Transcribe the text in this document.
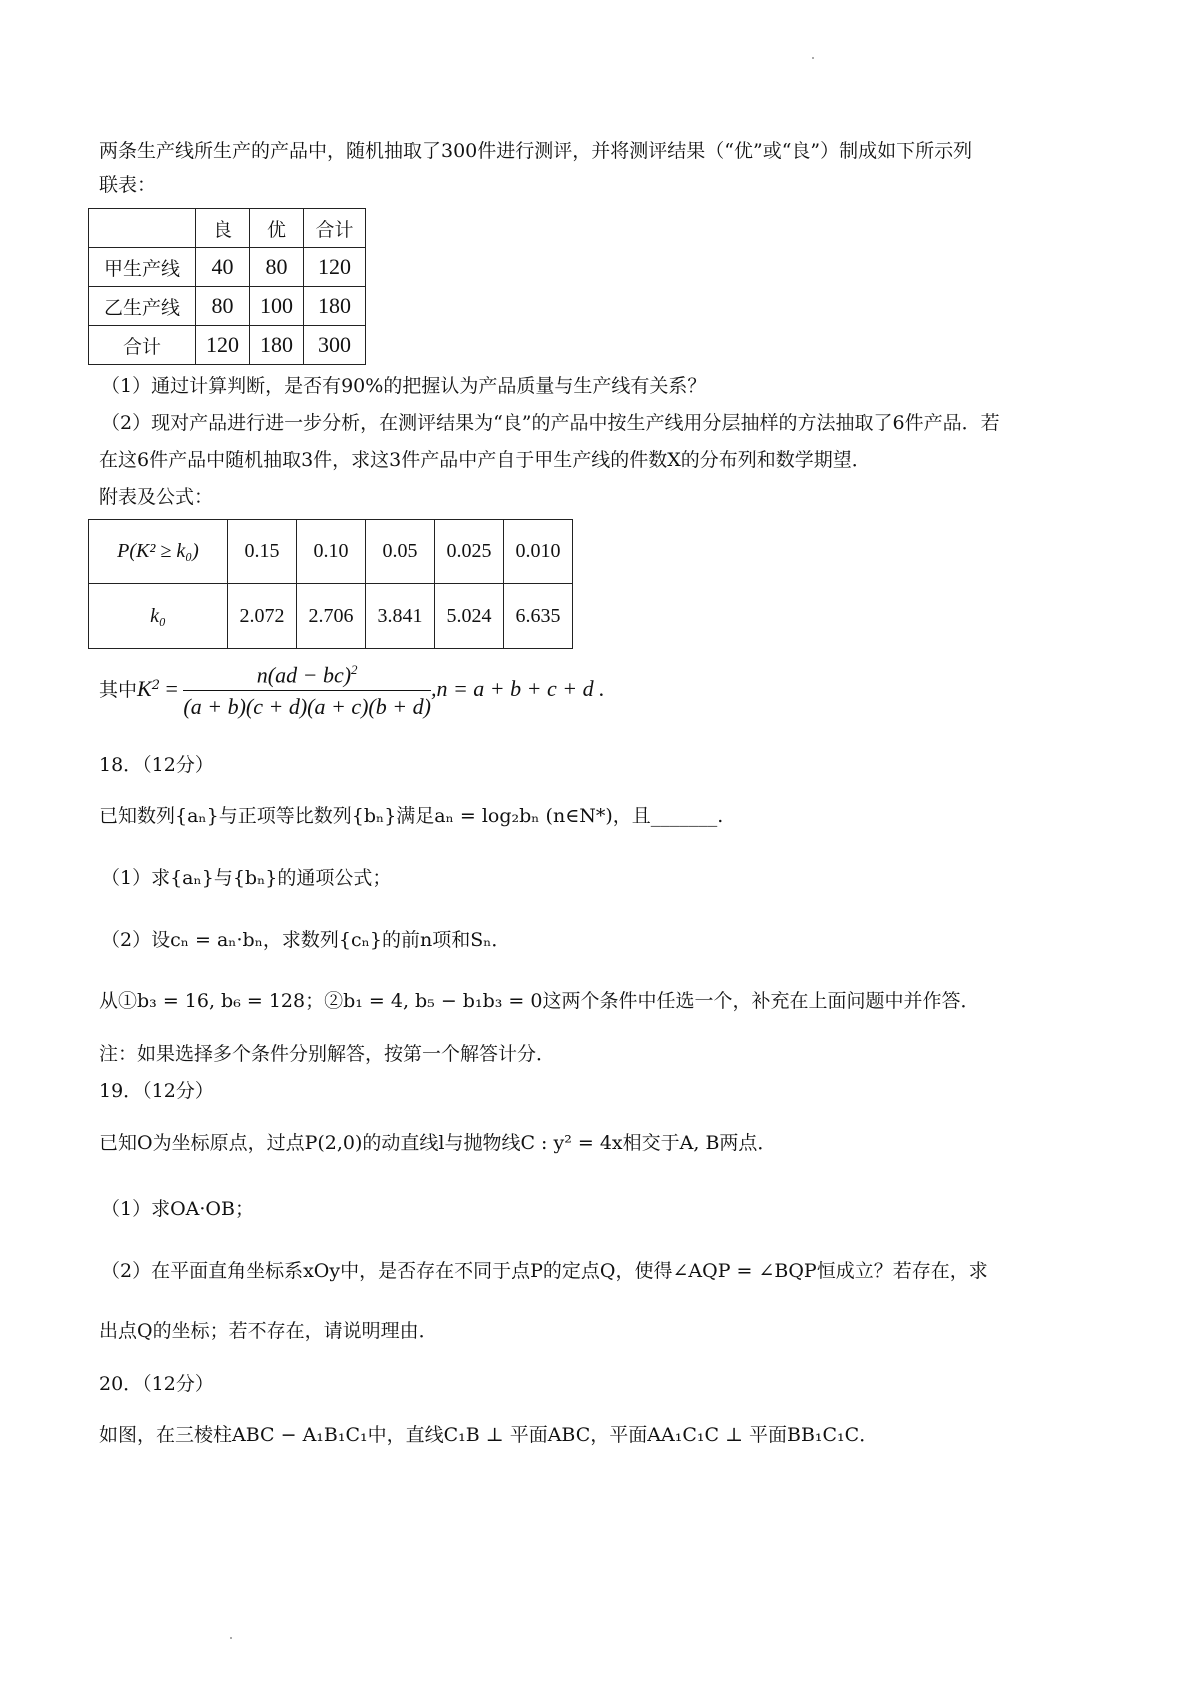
两条生产线所生产的产品中，随机抽取了300件进行测评，并将测评结果（“优”或“良”）制成如下所示列
联表：
	良	优	合计
甲生产线	40	80	120
乙生产线	80	100	180
合计	120	180	300
（1）通过计算判断，是否有90%的把握认为产品质量与生产线有关系？
（2）现对产品进行进一步分析，在测评结果为“良”的产品中按生产线用分层抽样的方法抽取了6件产品．若
在这6件产品中随机抽取3件，求这3件产品中产自于甲生产线的件数X的分布列和数学期望．
附表及公式：
P(K² ≥ k₀)	0.15	0.10	0.05	0.025	0.010
k₀	2.072	2.706	3.841	5.024	6.635
其中$K^2 = \frac{n(ad - bc)^2}{(a + b)(c + d)(a + c)(b + d)} ,n = a + b + c + d$ .
18．（12分）
已知数列{aₙ}与正项等比数列{bₙ}满足aₙ = log₂bₙ (n∈N*)，且_______.
（1）求{aₙ}与{bₙ}的通项公式；
（2）设cₙ = aₙ·bₙ，求数列{cₙ}的前n项和Sₙ．
从①b₃ = 16, b₆ = 128；②b₁ = 4, b₅ − b₁b₃ = 0这两个条件中任选一个，补充在上面问题中并作答．
注：如果选择多个条件分别解答，按第一个解答计分．
19．（12分）
已知O为坐标原点，过点P(2,0)的动直线l与抛物线C : y² = 4x相交于A, B两点．
（1）求OA·OB；
（2）在平面直角坐标系xOy中，是否存在不同于点P的定点Q，使得∠AQP = ∠BQP恒成立？若存在，求
出点Q的坐标；若不存在，请说明理由．
20．（12分）
如图，在三棱柱ABC − A₁B₁C₁中，直线C₁B ⊥ 平面ABC，平面AA₁C₁C ⊥ 平面BB₁C₁C．
